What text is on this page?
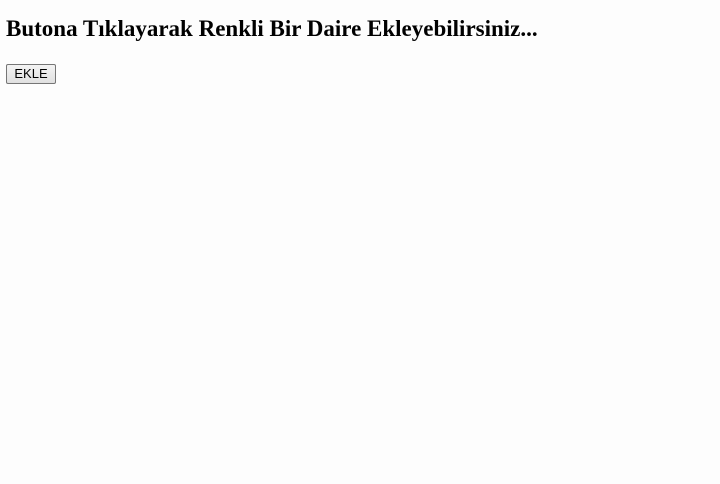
Butona Tıklayarak Renkli Bir Daire Ekleyebilirsiniz...
EKLE
